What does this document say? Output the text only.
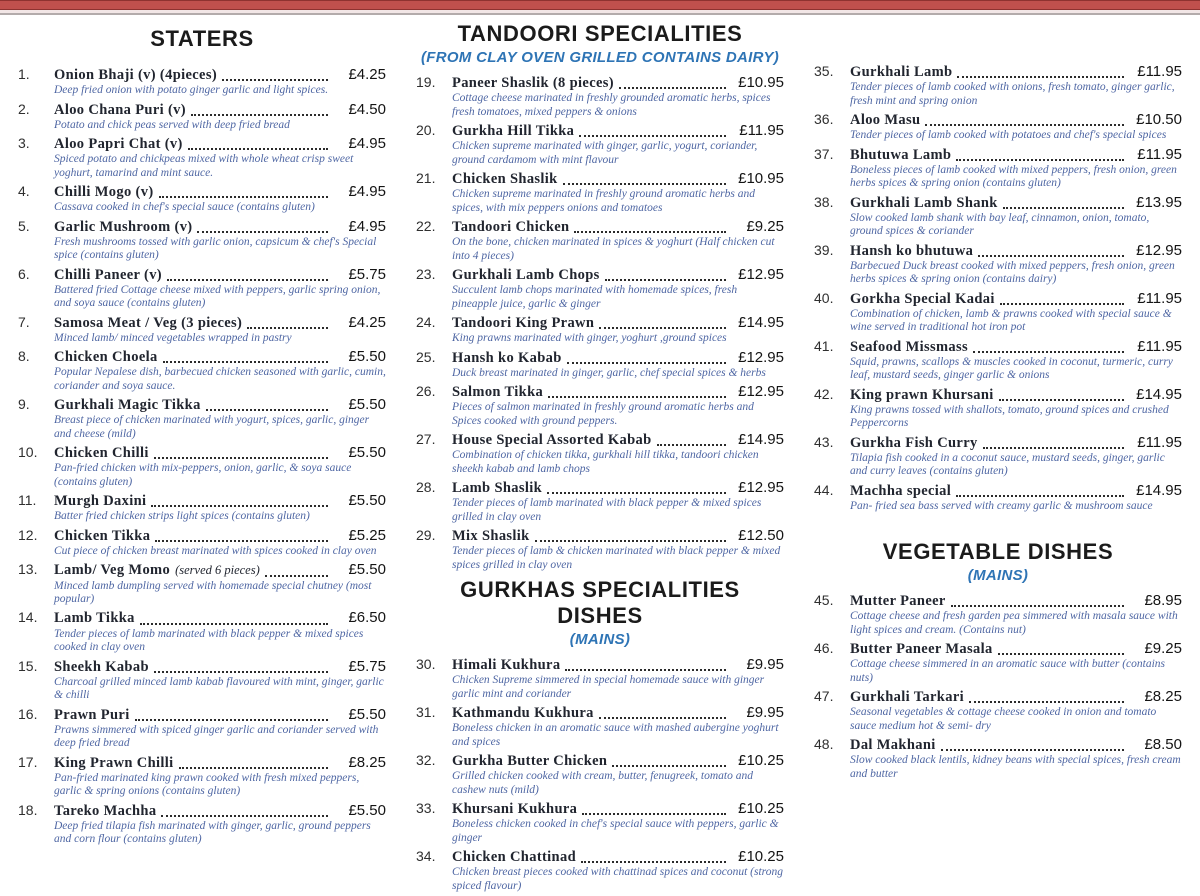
STATERS
1.	Onion Bhaji (v) (4pieces)	£4.25
Deep fried onion with potato ginger garlic and light spices.
2.	Aloo Chana Puri (v)	£4.50
Potato and chick peas served with deep fried bread
3.	Aloo Papri Chat (v)	£4.95
Spiced potato and chickpeas mixed with whole wheat crisp sweet yoghurt, tamarind and mint sauce.
4.	Chilli Mogo (v)	£4.95
Cassava cooked in chef's special sauce (contains gluten)
5.	Garlic Mushroom (v)	£4.95
Fresh mushrooms tossed with garlic onion, capsicum & chef's Special spice (contains gluten)
6.	Chilli Paneer (v)	£5.75
Battered fried Cottage cheese mixed with peppers, garlic spring onion, and soya sauce (contains gluten)
7.	Samosa Meat / Veg (3 pieces)	£4.25
Minced lamb/ minced vegetables wrapped in pastry
8.	Chicken Choela	£5.50
Popular Nepalese dish, barbecued chicken seasoned with garlic, cumin, coriander and soya sauce.
9.	Gurkhali Magic Tikka	£5.50
Breast piece of chicken marinated with yogurt, spices, garlic, ginger and cheese (mild)
10.	Chicken Chilli	£5.50
Pan-fried chicken with mix-peppers, onion, garlic, & soya sauce (contains gluten)
11.	Murgh Daxini	£5.50
Batter fried chicken strips light spices (contains gluten)
12.	Chicken Tikka	£5.25
Cut piece of chicken breast marinated with spices cooked in clay oven
13.	Lamb/ Veg Momo (served 6 pieces)	£5.50
Minced lamb dumpling served with homemade special chutney (most popular)
14.	Lamb Tikka	£6.50
Tender pieces of lamb marinated with black pepper & mixed spices cooked in clay oven
15.	Sheekh Kabab	£5.75
Charcoal grilled minced lamb kabab flavoured with mint, ginger, garlic & chilli
16.	Prawn Puri	£5.50
Prawns simmered with spiced ginger garlic and coriander served with deep fried bread
17.	King Prawn Chilli	£8.25
Pan-fried marinated king prawn cooked with fresh mixed peppers, garlic & spring onions (contains gluten)
18.	Tareko Machha	£5.50
Deep fried tilapia fish marinated with ginger, garlic, ground peppers and corn flour (contains gluten)
TANDOORI SPECIALITIES
(FROM CLAY OVEN GRILLED CONTAINS DAIRY)
19.	Paneer Shaslik (8 pieces)	£10.95
Cottage cheese marinated in freshly grounded aromatic herbs, spices fresh tomatoes, mixed peppers & onions
20.	Gurkha Hill Tikka	£11.95
Chicken supreme marinated with ginger, garlic, yogurt, coriander, ground cardamom with mint flavour
21.	Chicken Shaslik	£10.95
Chicken supreme marinated in freshly ground aromatic herbs and spices, with mix peppers onions and tomatoes
22.	Tandoori Chicken	£9.25
On the bone, chicken marinated in spices & yoghurt (Half chicken cut into 4 pieces)
23.	Gurkhali Lamb Chops	£12.95
Succulent lamb chops marinated with homemade spices, fresh pineapple juice, garlic & ginger
24.	Tandoori King Prawn	£14.95
King prawns marinated with ginger, yoghurt ,ground spices
25.	Hansh ko Kabab	£12.95
Duck breast marinated in ginger, garlic, chef special spices & herbs
26.	Salmon Tikka	£12.95
Pieces of salmon marinated in freshly ground aromatic herbs and Spices cooked with ground peppers.
27.	House Special Assorted Kabab	£14.95
Combination of chicken tikka, gurkhali hill tikka, tandoori chicken sheekh kabab and lamb chops
28.	Lamb Shaslik	£12.95
Tender pieces of lamb marinated with black pepper & mixed spices grilled in clay oven
29.	Mix Shaslik	£12.50
Tender pieces of lamb & chicken marinated with black pepper & mixed spices grilled in clay oven
GURKHAS SPECIALITIES DISHES
(MAINS)
30.	Himali Kukhura	£9.95
Chicken Supreme simmered in special homemade sauce with ginger garlic mint and coriander
31.	Kathmandu Kukhura	£9.95
Boneless chicken in an aromatic sauce with mashed aubergine yoghurt and spices
32.	Gurkha Butter Chicken	£10.25
Grilled chicken cooked with cream, butter, fenugreek, tomato and cashew nuts (mild)
33.	Khursani Kukhura	£10.25
Boneless chicken cooked in chef's special sauce with peppers, garlic & ginger
34.	Chicken Chattinad	£10.25
Chicken breast pieces cooked with chattinad spices and coconut (strong spiced flavour)
35.	Gurkhali Lamb	£11.95
Tender pieces of lamb cooked with onions, fresh tomato, ginger garlic, fresh mint and spring onion
36.	Aloo Masu	£10.50
Tender pieces of lamb cooked with potatoes and chef's special spices
37.	Bhutuwa Lamb	£11.95
Boneless pieces of lamb cooked with mixed peppers, fresh onion, green herbs spices & spring onion (contains gluten)
38.	Gurkhali Lamb Shank	£13.95
Slow cooked lamb shank with bay leaf, cinnamon, onion, tomato, ground spices & coriander
39.	Hansh ko bhutuwa	£12.95
Barbecued Duck breast cooked with mixed peppers, fresh onion, green herbs spices & spring onion (contains dairy)
40.	Gorkha Special Kadai	£11.95
Combination of chicken, lamb & prawns cooked with special sauce & wine served in traditional hot iron pot
41.	Seafood Missmass	£11.95
Squid, prawns, scallops & muscles cooked in coconut, turmeric, curry leaf, mustard seeds, ginger garlic & onions
42.	King prawn Khursani	£14.95
King prawns tossed with shallots, tomato, ground spices and crushed Peppercorns
43.	Gurkha Fish Curry	£11.95
Tilapia fish cooked in a coconut sauce, mustard seeds, ginger, garlic and curry leaves (contains gluten)
44.	Machha special	£14.95
Pan- fried sea bass served with creamy garlic & mushroom sauce
VEGETABLE DISHES
(MAINS)
45.	Mutter Paneer	£8.95
Cottage cheese and fresh garden pea simmered with masala sauce with light spices and cream. (Contains nut)
46.	Butter Paneer Masala	£9.25
Cottage cheese simmered in an aromatic sauce with butter (contains nuts)
47.	Gurkhali Tarkari	£8.25
Seasonal vegetables & cottage cheese cooked in onion and tomato sauce medium hot & semi- dry
48.	Dal Makhani	£8.50
Slow cooked black lentils, kidney beans with special spices, fresh cream and butter
